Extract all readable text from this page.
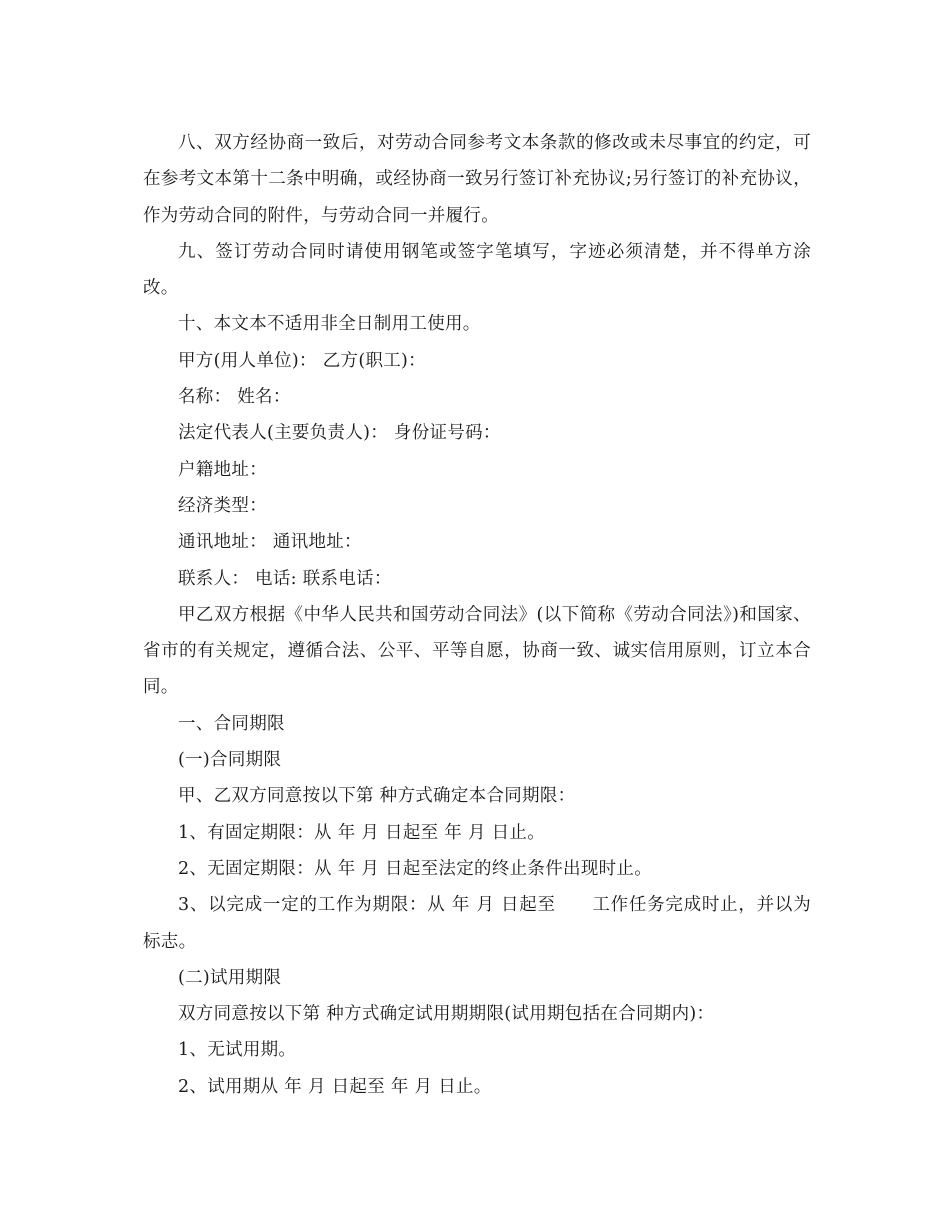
八、双方经协商一致后，对劳动合同参考文本条款的修改或未尽事宜的约定，可在参考文本第十二条中明确，或经协商一致另行签订补充协议;另行签订的补充协议，作为劳动合同的附件，与劳动合同一并履行。

九、签订劳动合同时请使用钢笔或签字笔填写，字迹必须清楚，并不得单方涂改。

十、本文本不适用非全日制用工使用。

甲方(用人单位)： 乙方(职工)：

名称： 姓名：

法定代表人(主要负责人)： 身份证号码：

户籍地址：

经济类型：

通讯地址： 通讯地址：

联系人： 电话: 联系电话：

甲乙双方根据《中华人民共和国劳动合同法》(以下简称《劳动合同法》)和国家、省市的有关规定，遵循合法、公平、平等自愿，协商一致、诚实信用原则，订立本合同。

一、合同期限

(一)合同期限

甲、乙双方同意按以下第 种方式确定本合同期限：

1、有固定期限：从 年 月 日起至 年 月 日止。

2、无固定期限：从 年 月 日起至法定的终止条件出现时止。

3、以完成一定的工作为期限：从 年 月 日起至　　工作任务完成时止，并以为标志。

(二)试用期限

双方同意按以下第 种方式确定试用期期限(试用期包括在合同期内)：

1、无试用期。

2、试用期从 年 月 日起至 年 月 日止。
